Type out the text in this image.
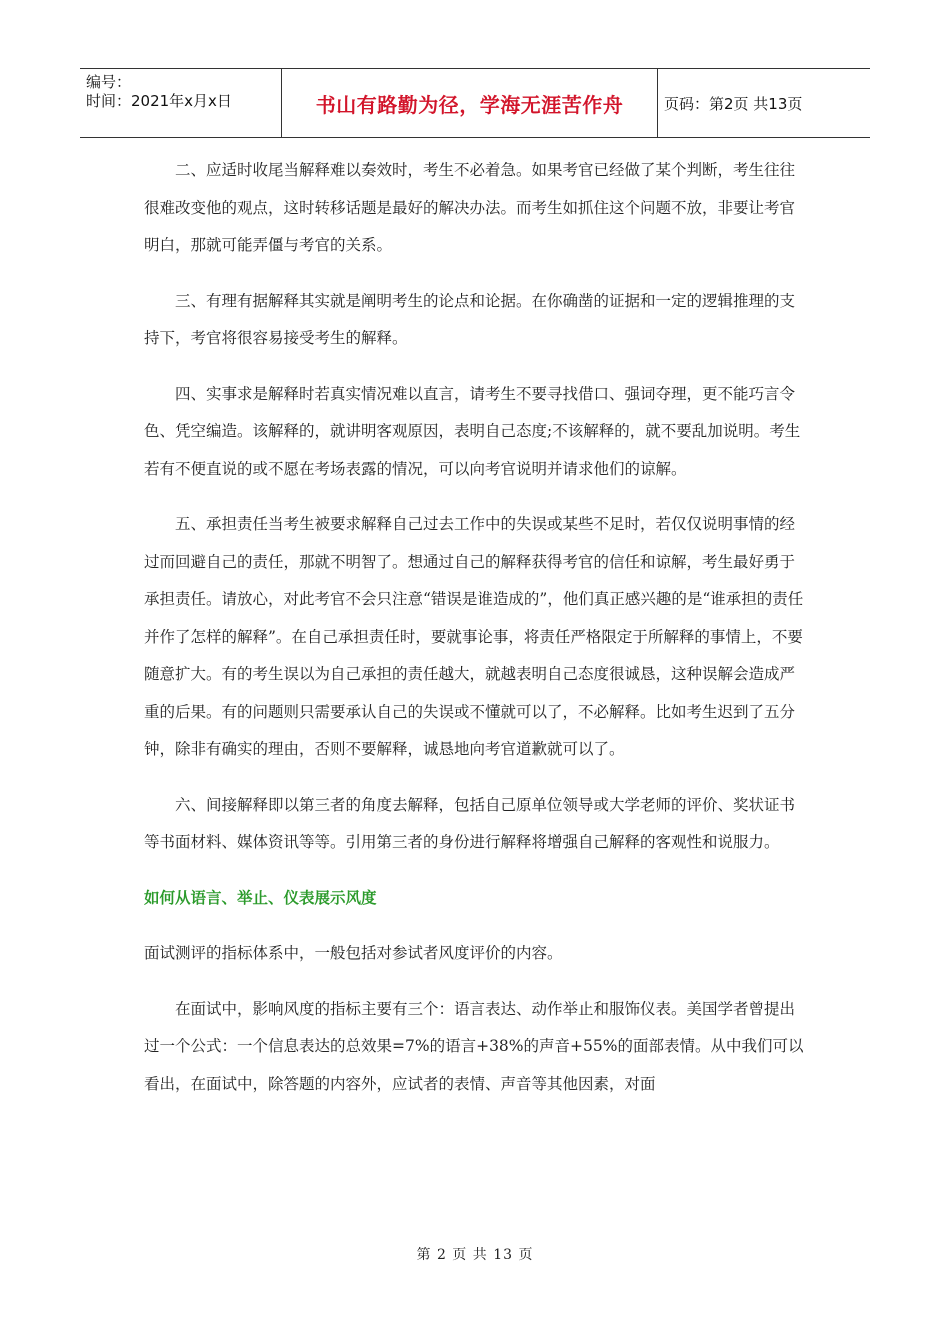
编号：
时间：2021年x月x日	书山有路勤为径，学海无涯苦作舟	页码：第2页 共13页

二、应适时收尾当解释难以奏效时，考生不必着急。如果考官已经做了某个判断，考生往往很难改变他的观点，这时转移话题是最好的解决办法。而考生如抓住这个问题不放，非要让考官明白，那就可能弄僵与考官的关系。

三、有理有据解释其实就是阐明考生的论点和论据。在你确凿的证据和一定的逻辑推理的支持下，考官将很容易接受考生的解释。

四、实事求是解释时若真实情况难以直言，请考生不要寻找借口、强词夺理，更不能巧言令色、凭空编造。该解释的，就讲明客观原因，表明自己态度;不该解释的，就不要乱加说明。考生若有不便直说的或不愿在考场表露的情况，可以向考官说明并请求他们的谅解。

五、承担责任当考生被要求解释自己过去工作中的失误或某些不足时，若仅仅说明事情的经过而回避自己的责任，那就不明智了。想通过自己的解释获得考官的信任和谅解，考生最好勇于承担责任。请放心，对此考官不会只注意“错误是谁造成的”，他们真正感兴趣的是“谁承担的责任并作了怎样的解释”。在自己承担责任时，要就事论事，将责任严格限定于所解释的事情上，不要随意扩大。有的考生误以为自己承担的责任越大，就越表明自己态度很诚恳，这种误解会造成严重的后果。有的问题则只需要承认自己的失误或不懂就可以了，不必解释。比如考生迟到了五分钟，除非有确实的理由，否则不要解释，诚恳地向考官道歉就可以了。

六、间接解释即以第三者的角度去解释，包括自己原单位领导或大学老师的评价、奖状证书等书面材料、媒体资讯等等。引用第三者的身份进行解释将增强自己解释的客观性和说服力。

如何从语言、举止、仪表展示风度

面试测评的指标体系中，一般包括对参试者风度评价的内容。

在面试中，影响风度的指标主要有三个：语言表达、动作举止和服饰仪表。美国学者曾提出过一个公式：一个信息表达的总效果=7%的语言+38%的声音+55%的面部表情。从中我们可以看出，在面试中，除答题的内容外，应试者的表情、声音等其他因素，对面

第 2 页 共 13 页
